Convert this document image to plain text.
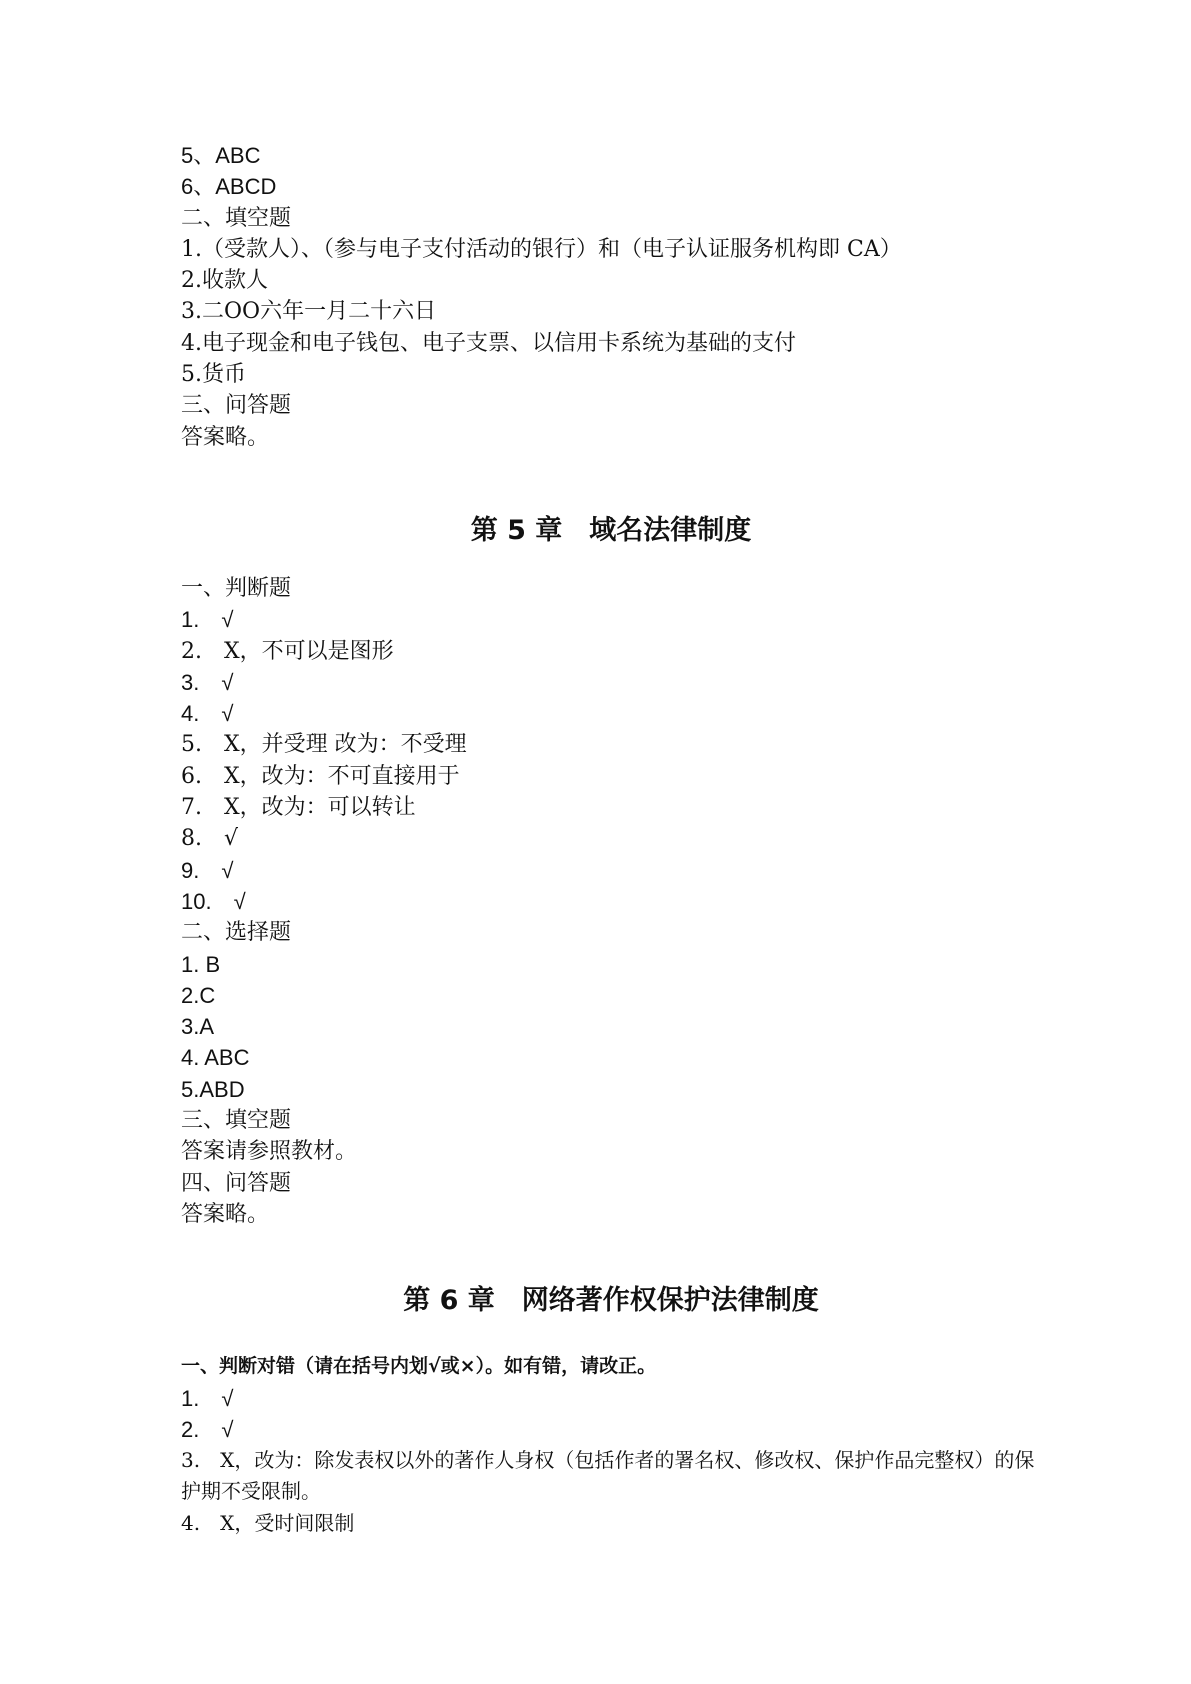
5、ABC
6、ABCD
二、填空题
1.（受款人）、（参与电子支付活动的银行）和（电子认证服务机构即 CA）
2.收款人
3.二OO六年一月二十六日
4.电子现金和电子钱包、电子支票、以信用卡系统为基础的支付
5.货币
三、问答题
答案略。
第 5 章　域名法律制度
一、判断题
1.　√
2.　X，不可以是图形
3.　√
4.　√
5.　X，并受理 改为：不受理
6.　X，改为：不可直接用于
7.　X，改为：可以转让
8.　√
9.　√
10.　√
二、选择题
1. B
2.C
3.A
4. ABC
5.ABD
三、填空题
答案请参照教材。
四、问答题
答案略。
第 6 章　网络著作权保护法律制度
一、判断对错（请在括号内划√或×）。如有错，请改正。
1.　√
2.　√
3.　X，改为：除发表权以外的著作人身权（包括作者的署名权、修改权、保护作品完整权）的保护期不受限制。
4.　X，受时间限制
